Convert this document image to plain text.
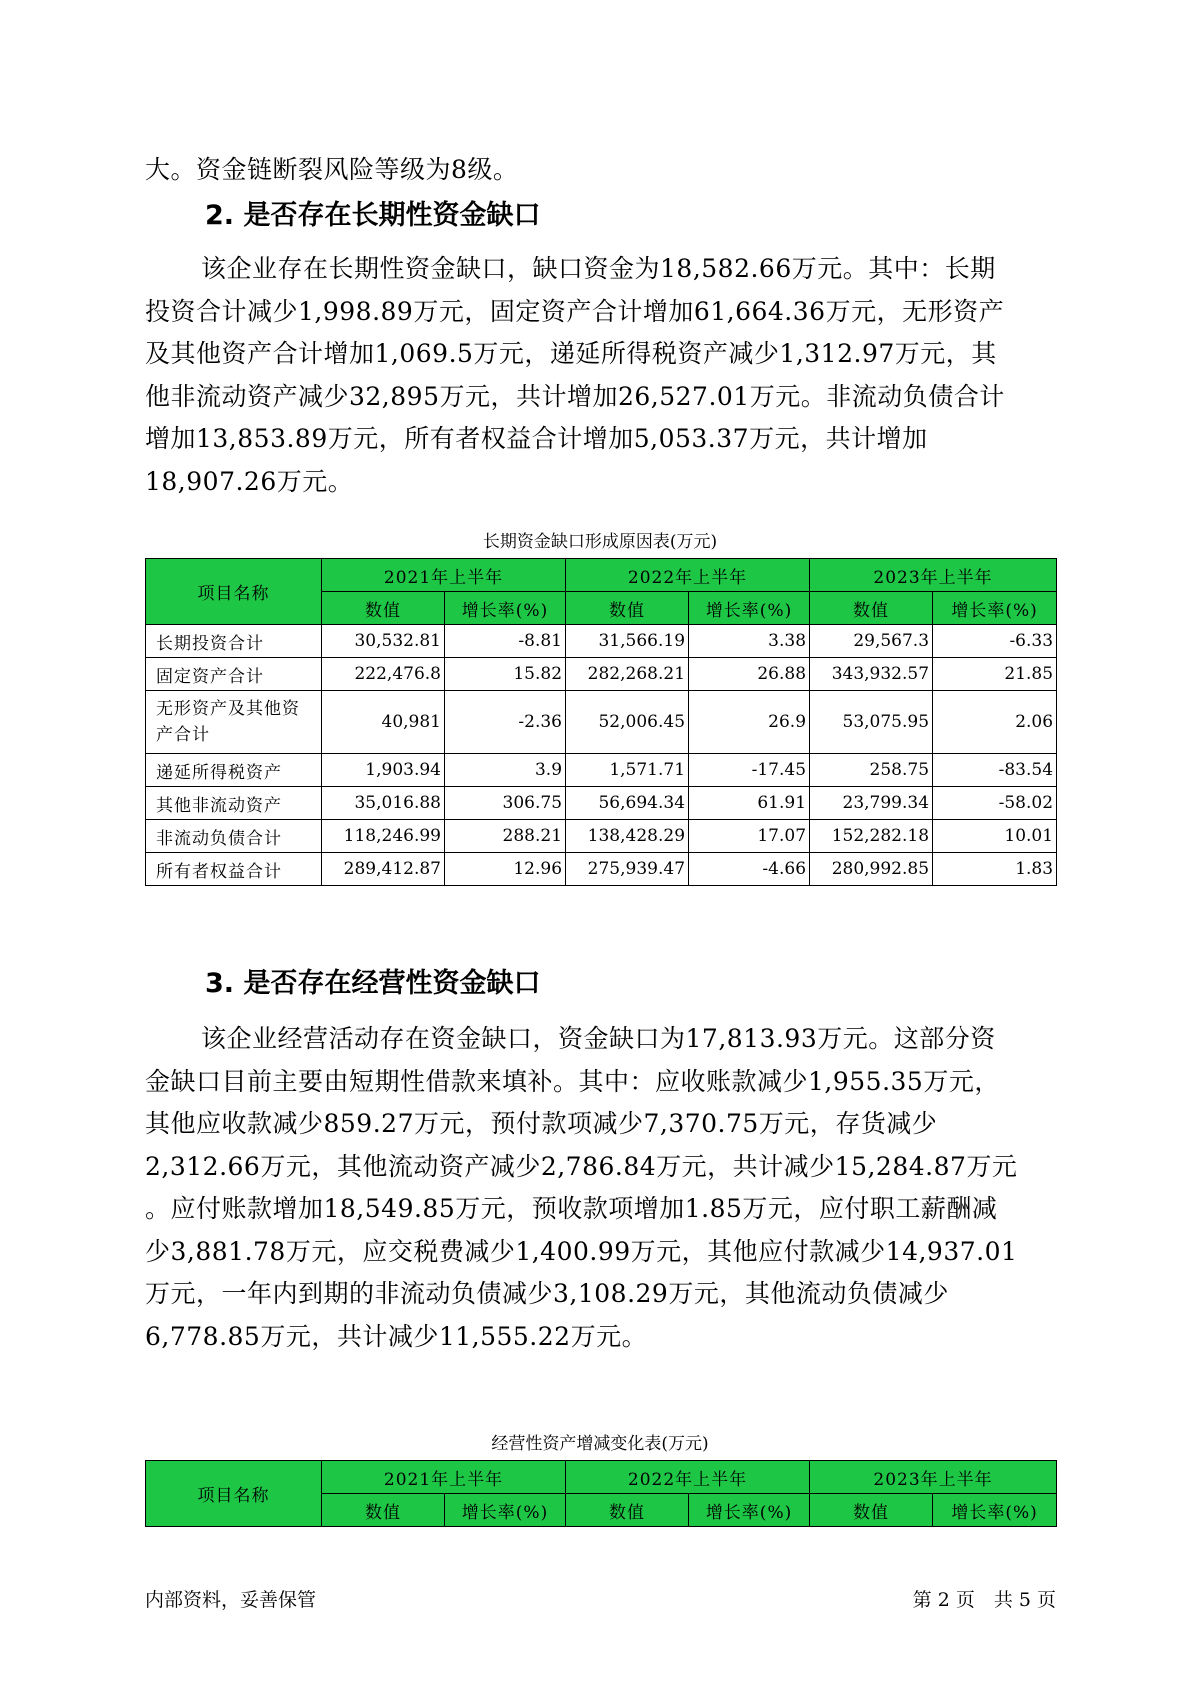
大。资金链断裂风险等级为8级。

2. 是否存在长期性资金缺口

该企业存在长期性资金缺口，缺口资金为18,582.66万元。其中：长期
投资合计减少1,998.89万元，固定资产合计增加61,664.36万元，无形资产
及其他资产合计增加1,069.5万元，递延所得税资产减少1,312.97万元，其
他非流动资产减少32,895万元，共计增加26,527.01万元。非流动负债合计
增加13,853.89万元，所有者权益合计增加5,053.37万元，共计增加
18,907.26万元。

长期资金缺口形成原因表(万元)

项目名称	2021年上半年		2022年上半年		2023年上半年	
	数值	增长率(%)	数值	增长率(%)	数值	增长率(%)
长期投资合计	30,532.81	-8.81	31,566.19	3.38	29,567.3	-6.33
固定资产合计	222,476.8	15.82	282,268.21	26.88	343,932.57	21.85
无形资产及其他资
产合计	40,981	-2.36	52,006.45	26.9	53,075.95	2.06
递延所得税资产	1,903.94	3.9	1,571.71	-17.45	258.75	-83.54
其他非流动资产	35,016.88	306.75	56,694.34	61.91	23,799.34	-58.02
非流动负债合计	118,246.99	288.21	138,428.29	17.07	152,282.18	10.01
所有者权益合计	289,412.87	12.96	275,939.47	-4.66	280,992.85	1.83
3. 是否存在经营性资金缺口

该企业经营活动存在资金缺口，资金缺口为17,813.93万元。这部分资
金缺口目前主要由短期性借款来填补。其中：应收账款减少1,955.35万元，
其他应收款减少859.27万元，预付款项减少7,370.75万元，存货减少
2,312.66万元，其他流动资产减少2,786.84万元，共计减少15,284.87万元
。应付账款增加18,549.85万元，预收款项增加1.85万元，应付职工薪酬减
少3,881.78万元，应交税费减少1,400.99万元，其他应付款减少14,937.01
万元，一年内到期的非流动负债减少3,108.29万元，其他流动负债减少
6,778.85万元，共计减少11,555.22万元。

经营性资产增减变化表(万元)

项目名称	2021年上半年		2022年上半年		2023年上半年	
	数值	增长率(%)	数值	增长率(%)	数值	增长率(%)

内部资料，妥善保管	第 2 页　共 5 页
